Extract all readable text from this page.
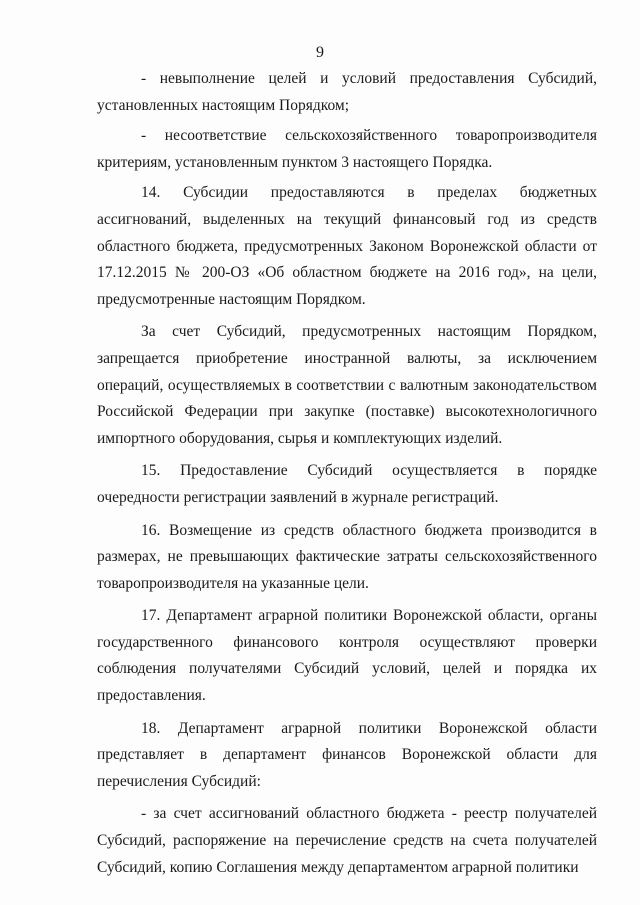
9

- невыполнение целей и условий предоставления Субсидий, установленных настоящим Порядком;

- несоответствие сельскохозяйственного товаропроизводителя критериям, установленным пунктом 3 настоящего Порядка.

14. Субсидии предоставляются в пределах бюджетных ассигнований, выделенных на текущий финансовый год из средств областного бюджета, предусмотренных Законом Воронежской области от 17.12.2015 № 200-ОЗ «Об областном бюджете на 2016 год», на цели, предусмотренные настоящим Порядком.

За счет Субсидий, предусмотренных настоящим Порядком, запрещается приобретение иностранной валюты, за исключением операций, осуществляемых в соответствии с валютным законодательством Российской Федерации при закупке (поставке) высокотехнологичного импортного оборудования, сырья и комплектующих изделий.

15. Предоставление Субсидий осуществляется в порядке очередности регистрации заявлений в журнале регистраций.

16. Возмещение из средств областного бюджета производится в размерах, не превышающих фактические затраты сельскохозяйственного товаропроизводителя на указанные цели.

17. Департамент аграрной политики Воронежской области, органы государственного финансового контроля осуществляют проверки соблюдения получателями Субсидий условий, целей и порядка их предоставления.

18. Департамент аграрной политики Воронежской области представляет в департамент финансов Воронежской области для перечисления Субсидий:

- за счет ассигнований областного бюджета - реестр получателей Субсидий, распоряжение на перечисление средств на счета получателей Субсидий, копию Соглашения между департаментом аграрной политики
